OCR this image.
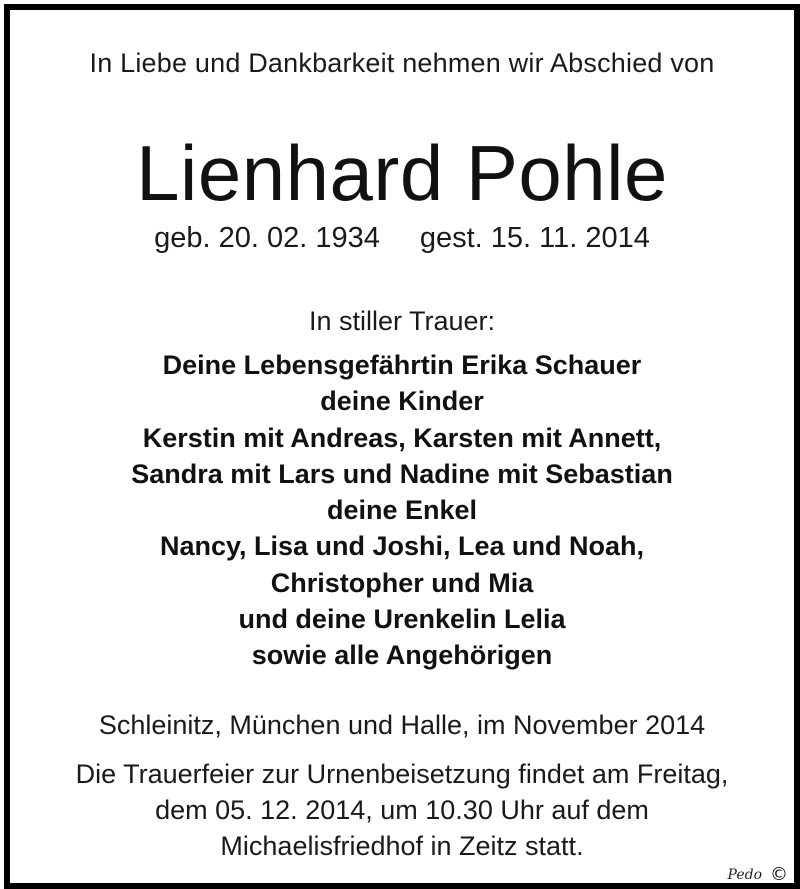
In Liebe und Dankbarkeit nehmen wir Abschied von
Lienhard Pohle
geb. 20. 02. 1934 gest. 15. 11. 2014
In stiller Trauer:
Deine Lebensgefährtin Erika Schauer
deine Kinder
Kerstin mit Andreas, Karsten mit Annett,
Sandra mit Lars und Nadine mit Sebastian
deine Enkel
Nancy, Lisa und Joshi, Lea und Noah,
Christopher und Mia
und deine Urenkelin Lelia
sowie alle Angehörigen
Schleinitz, München und Halle, im November 2014
Die Trauerfeier zur Urnenbeisetzung findet am Freitag,
dem 05. 12. 2014, um 10.30 Uhr auf dem
Michaelisfriedhof in Zeitz statt.
Pedo ©
